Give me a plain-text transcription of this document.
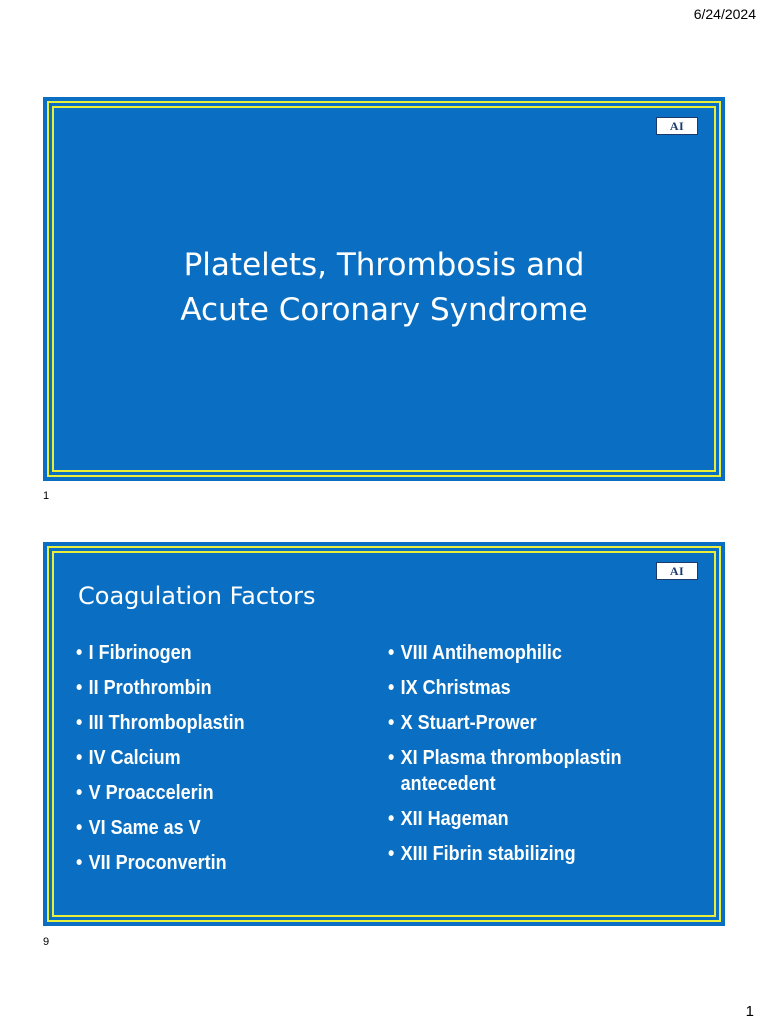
6/24/2024
AI
Platelets, Thrombosis and
Acute Coronary Syndrome
1
AI
Coagulation Factors
• I Fibrinogen
• II Prothrombin
• III Thromboplastin
• IV Calcium
• V Proaccelerin
• VI Same as V
• VII Proconvertin
• VIII Antihemophilic
• IX Christmas
• X Stuart-Prower
• XI Plasma thromboplastin antecedent
• XII Hageman
• XIII Fibrin stabilizing
9
1
